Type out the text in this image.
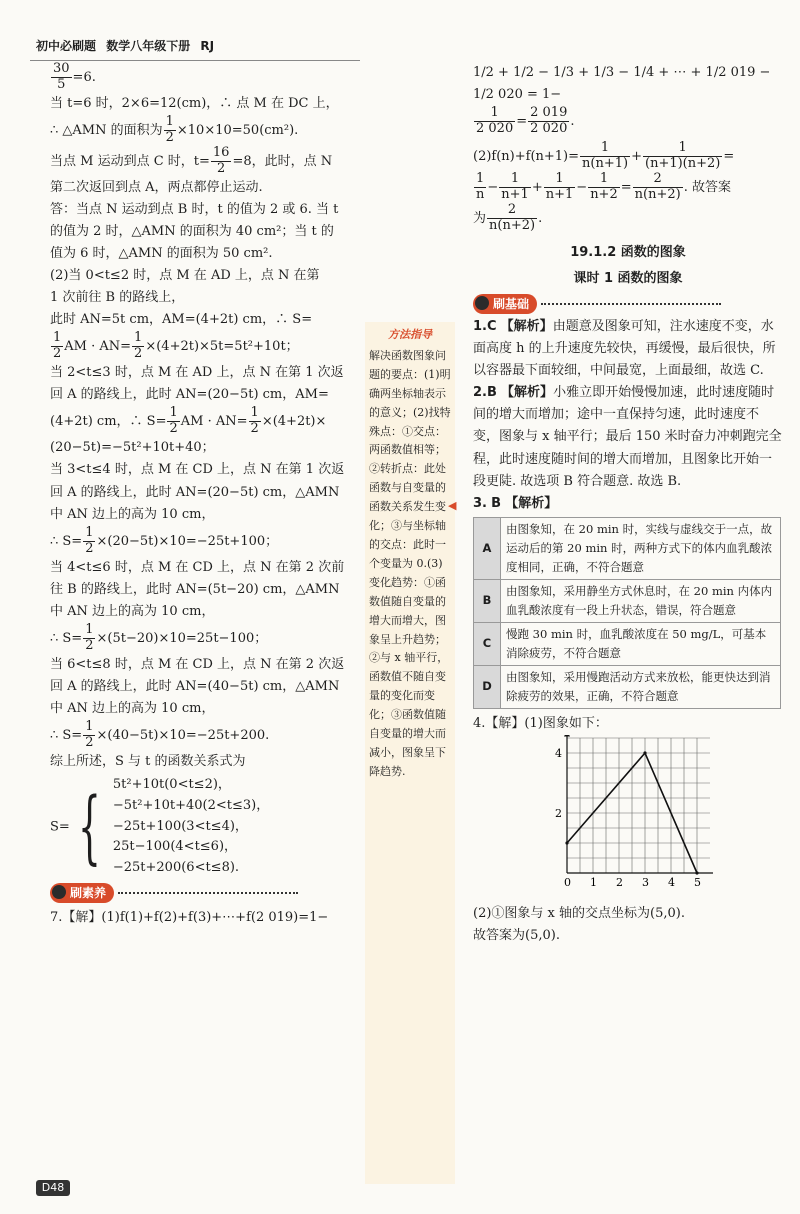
初中必刷题 数学八年级下册 RJ
$\frac{30}{5} =6$.
当 t=6 时，2×6=12(cm)，∴ 点 M 在 DC 上，
∴ △AMN 的面积为 $\frac{1}{2} \times 10\times 10=50(cm^2)$.
当点 M 运动到点 C 时，$t= \frac{16}{2} =8$，此时，点 N
第二次返回到点 A，两点都停止运动.
答：当点 N 运动到点 B 时，t 的值为 2 或 6. 当 t
的值为 2 时，△AMN 的面积为 40 cm²；当 t 的
值为 6 时，△AMN 的面积为 50 cm².
(2)当 0<t≤2 时，点 M 在 AD 上，点 N 在第
1 次前往 B 的路线上，
此时 AN=5t cm，AM=(4+2t) cm，∴ S=
$\frac{1}{2}$ AM · $AN= \frac{1}{2} \times(4+2t)\times 5t=5t^2+10t$；
当 2<t≤3 时，点 M 在 AD 上，点 N 在第 1 次返
回 A 的路线上，此时 AN=(20−5t) cm，AM=
(4+2t) cm，∴ $S= \frac{1}{2}$ AM · $AN= \frac{1}{2} \times(4+2t)\times$
(20−5t)=−5t²+10t+40；
当 3<t≤4 时，点 M 在 CD 上，点 N 在第 1 次返
回 A 的路线上，此时 AN=(20−5t) cm，△AMN
中 AN 边上的高为 10 cm，
∴ $S= \frac{1}{2} \times(20-5t)\times 10=-25t+100$；
当 4<t≤6 时，点 M 在 CD 上，点 N 在第 2 次前
往 B 的路线上，此时 AN=(5t−20) cm，△AMN
中 AN 边上的高为 10 cm，
∴ $S= \frac{1}{2} \times(5t-20)\times 10=25t-100$；
当 6<t≤8 时，点 M 在 CD 上，点 N 在第 2 次返
回 A 的路线上，此时 AN=(40−5t) cm，△AMN
中 AN 边上的高为 10 cm，
∴ $S= \frac{1}{2} \times(40-5t)\times 10=-25t+200$.
综上所述，S 与 t 的函数关系式为
S={ 5t²+10t(0<t≤2)，
−5t²+10t+40(2<t≤3)，
−25t+100(3<t≤4)，
25t−100(4<t≤6)，
−25t+200(6<t≤8).
刷素养
7.【解】(1)f(1)+f(2)+f(3)+⋯+f(2 019)=1−
方法指导
解决函数图象问题的要点：(1)明确两坐标轴表示的意义；(2)找特殊点：①交点：两函数值相等；②转折点：此处函数与自变量的函数关系发生变化；③与坐标轴的交点：此时一个变量为 0.(3)变化趋势：①函数值随自变量的增大而增大，图象呈上升趋势；②与 x 轴平行，函数值不随自变量的变化而变化；③函数值随自变量的增大而减小，图象呈下降趋势.
◀
1/2 + 1/2 − 1/3 + 1/3 − 1/4 + ⋯ + 1/2 019 − 1/2 020 = 1−
$\frac{1}{2 020} = \frac{2 019}{2 020}$ .
$(2)f(n)+f(n+1)= \frac{1}{n(n+1)} + \frac{1}{(n+1)(n+2)}$ =
$\frac{1}{n} - \frac{1}{n+1} + \frac{1}{n+1} - \frac{1}{n+2} = \frac{2}{n(n+2)}$ . 故答案
为 $\frac{2}{n(n+2)}$ .
19.1.2 函数的图象
课时 1 函数的图象
刷基础
1.C 【解析】由题意及图象可知，注水速度不变，水面高度 h 的上升速度先较快，再缓慢，最后很快，所以容器最下面较细，中间最宽，上面最细，故选 C.
2.B 【解析】小雅立即开始慢慢加速，此时速度随时间的增大而增加；途中一直保持匀速，此时速度不变，图象与 x 轴平行；最后 150 米时奋力冲刺跑完全程，此时速度随时间的增大而增加，且图象比开始一段更陡. 故选项 B 符合题意. 故选 B.
3. B 【解析】
A	由图象知，在 20 min 时，实线与虚线交于一点，故运动后的第 20 min 时，两种方式下的体内血乳酸浓度相同，正确，不符合题意
B	由图象知，采用静坐方式休息时，在 20 min 内体内血乳酸浓度有一段上升状态，错误，符合题意
C	慢跑 30 min 时，血乳酸浓度在 50 mg/L，可基本消除疲劳，不符合题意
D	由图象知，采用慢跑活动方式来放松，能更快达到消除疲劳的效果，正确，不符合题意
4.【解】(1)图象如下：
0 1 2 3 4 5
2
4
(2)①图象与 x 轴的交点坐标为(5,0).
故答案为(5,0).
D48
